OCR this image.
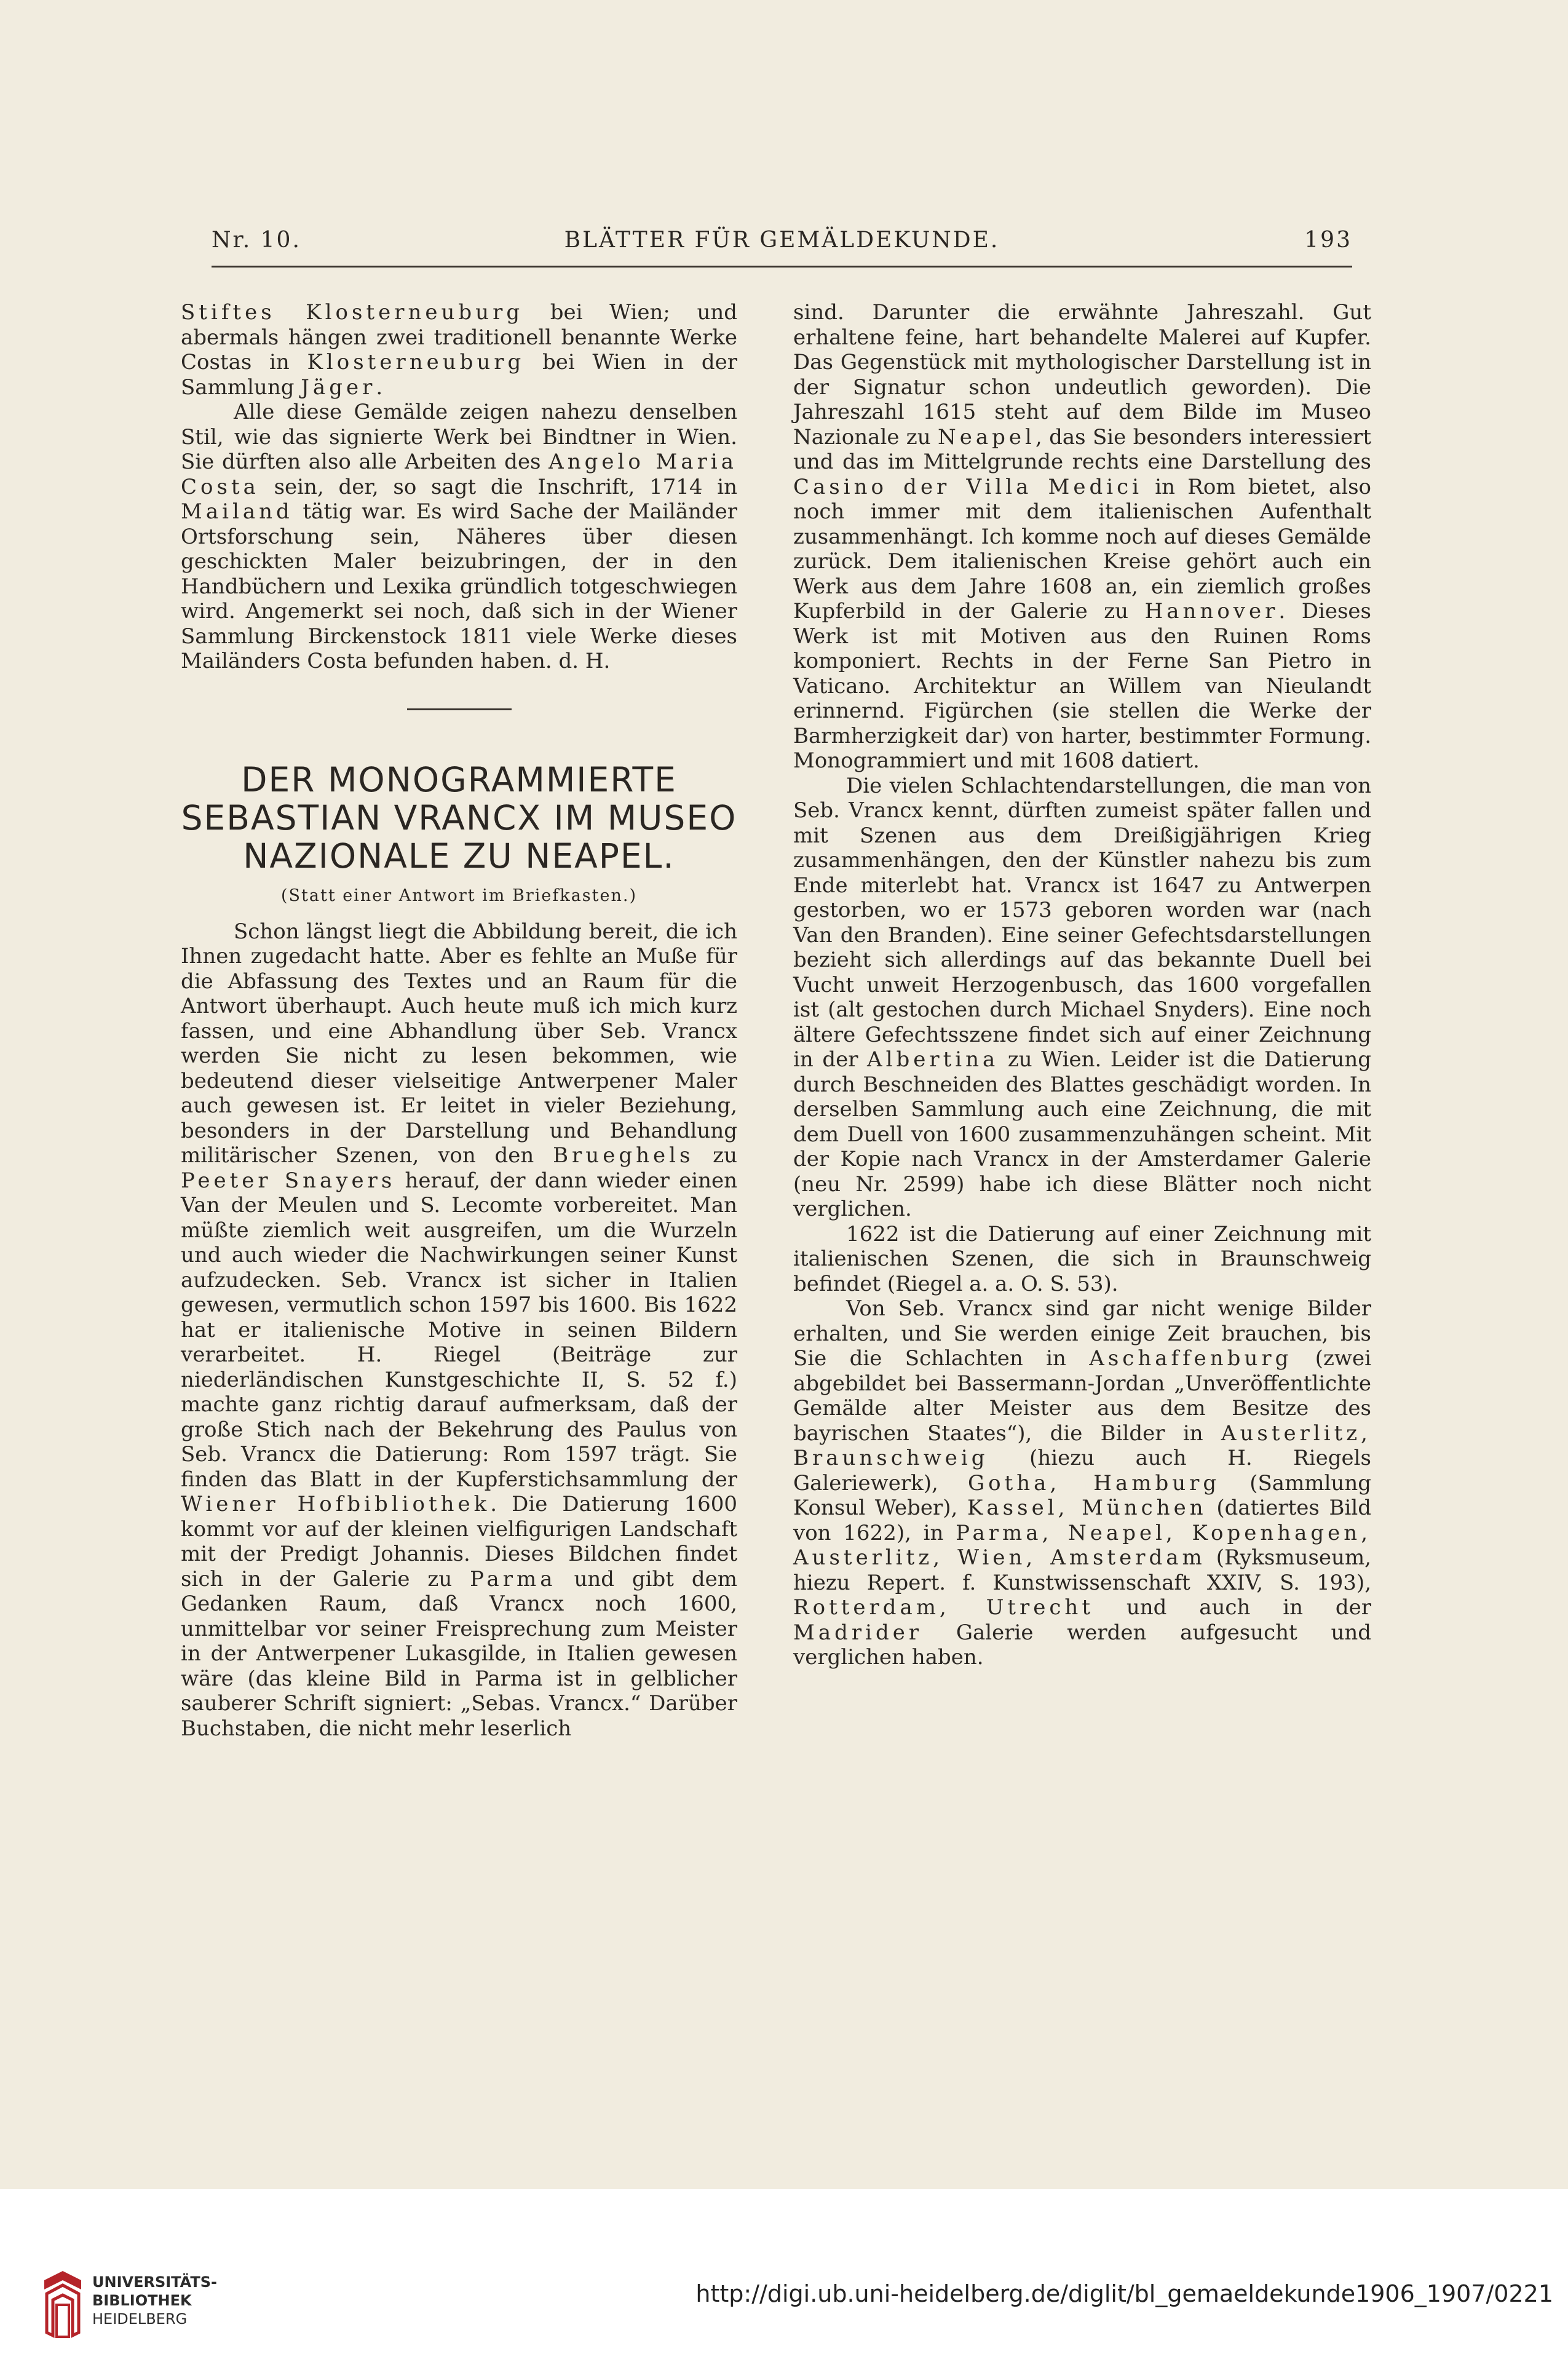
Nr. 10.	BLÄTTER FÜR GEMÄLDEKUNDE.	193

Stiftes Klosterneuburg bei Wien; und abermals hängen zwei traditionell benannte Werke Costas in Klosterneuburg bei Wien in der Sammlung Jäger.

Alle diese Gemälde zeigen nahezu denselben Stil, wie das signierte Werk bei Bindtner in Wien. Sie dürften also alle Arbeiten des Angelo Maria Costa sein, der, so sagt die Inschrift, 1714 in Mailand tätig war. Es wird Sache der Mailänder Ortsforschung sein, Näheres über diesen geschickten Maler beizubringen, der in den Handbüchern und Lexika gründlich totgeschwiegen wird. Angemerkt sei noch, daß sich in der Wiener Sammlung Birckenstock 1811 viele Werke dieses Mailänders Costa befunden haben. d. H.

DER MONOGRAMMIERTE SEBASTIAN VRANCX IM MUSEO NAZIONALE ZU NEAPEL.
(Statt einer Antwort im Briefkasten.)

Schon längst liegt die Abbildung bereit, die ich Ihnen zugedacht hatte. Aber es fehlte an Muße für die Abfassung des Textes und an Raum für die Antwort überhaupt. Auch heute muß ich mich kurz fassen, und eine Abhandlung über Seb. Vrancx werden Sie nicht zu lesen bekommen, wie bedeutend dieser vielseitige Antwerpener Maler auch gewesen ist. Er leitet in vieler Beziehung, besonders in der Darstellung und Behandlung militärischer Szenen, von den Brueghels zu Peeter Snayers herauf, der dann wieder einen Van der Meulen und S. Lecomte vorbereitet. Man müßte ziemlich weit ausgreifen, um die Wurzeln und auch wieder die Nachwirkungen seiner Kunst aufzudecken. Seb. Vrancx ist sicher in Italien gewesen, vermutlich schon 1597 bis 1600. Bis 1622 hat er italienische Motive in seinen Bildern verarbeitet. H. Riegel (Beiträge zur niederländischen Kunstgeschichte II, S. 52 f.) machte ganz richtig darauf aufmerksam, daß der große Stich nach der Bekehrung des Paulus von Seb. Vrancx die Datierung: Rom 1597 trägt. Sie finden das Blatt in der Kupferstichsammlung der Wiener Hofbibliothek. Die Datierung 1600 kommt vor auf der kleinen vielfigurigen Landschaft mit der Predigt Johannis. Dieses Bildchen findet sich in der Galerie zu Parma und gibt dem Gedanken Raum, daß Vrancx noch 1600, unmittelbar vor seiner Freisprechung zum Meister in der Antwerpener Lukasgilde, in Italien gewesen wäre (das kleine Bild in Parma ist in gelblicher sauberer Schrift signiert: „Sebas. Vrancx.“ Darüber Buchstaben, die nicht mehr leserlich

sind. Darunter die erwähnte Jahreszahl. Gut erhaltene feine, hart behandelte Malerei auf Kupfer. Das Gegenstück mit mythologischer Darstellung ist in der Signatur schon undeutlich geworden). Die Jahreszahl 1615 steht auf dem Bilde im Museo Nazionale zu Neapel, das Sie besonders interessiert und das im Mittelgrunde rechts eine Darstellung des Casino der Villa Medici in Rom bietet, also noch immer mit dem italienischen Aufenthalt zusammenhängt. Ich komme noch auf dieses Gemälde zurück. Dem italienischen Kreise gehört auch ein Werk aus dem Jahre 1608 an, ein ziemlich großes Kupferbild in der Galerie zu Hannover. Dieses Werk ist mit Motiven aus den Ruinen Roms komponiert. Rechts in der Ferne San Pietro in Vaticano. Architektur an Willem van Nieulandt erinnernd. Figürchen (sie stellen die Werke der Barmherzigkeit dar) von harter, bestimmter Formung. Monogrammiert und mit 1608 datiert.

Die vielen Schlachtendarstellungen, die man von Seb. Vrancx kennt, dürften zumeist später fallen und mit Szenen aus dem Dreißigjährigen Krieg zusammenhängen, den der Künstler nahezu bis zum Ende miterlebt hat. Vrancx ist 1647 zu Antwerpen gestorben, wo er 1573 geboren worden war (nach Van den Branden). Eine seiner Gefechtsdarstellungen bezieht sich allerdings auf das bekannte Duell bei Vucht unweit Herzogenbusch, das 1600 vorgefallen ist (alt gestochen durch Michael Snyders). Eine noch ältere Gefechtsszene findet sich auf einer Zeichnung in der Albertina zu Wien. Leider ist die Datierung durch Beschneiden des Blattes geschädigt worden. In derselben Sammlung auch eine Zeichnung, die mit dem Duell von 1600 zusammenzuhängen scheint. Mit der Kopie nach Vrancx in der Amsterdamer Galerie (neu Nr. 2599) habe ich diese Blätter noch nicht verglichen.

1622 ist die Datierung auf einer Zeichnung mit italienischen Szenen, die sich in Braunschweig befindet (Riegel a. a. O. S. 53).

Von Seb. Vrancx sind gar nicht wenige Bilder erhalten, und Sie werden einige Zeit brauchen, bis Sie die Schlachten in Aschaffenburg (zwei abgebildet bei Bassermann-Jordan „Unveröffentlichte Gemälde alter Meister aus dem Besitze des bayrischen Staates“), die Bilder in Austerlitz, Braunschweig (hiezu auch H. Riegels Galeriewerk), Gotha, Hamburg (Sammlung Konsul Weber), Kassel, München (datiertes Bild von 1622), in Parma, Neapel, Kopenhagen, Austerlitz, Wien, Amsterdam (Ryksmuseum, hiezu Repert. f. Kunstwissenschaft XXIV, S. 193), Rotterdam, Utrecht und auch in der Madrider Galerie werden aufgesucht und verglichen haben.

UNIVERSITÄTS-
BIBLIOTHEK
HEIDELBERG
http://digi.ub.uni-heidelberg.de/diglit/bl_gemaeldekunde1906_1907/0221
